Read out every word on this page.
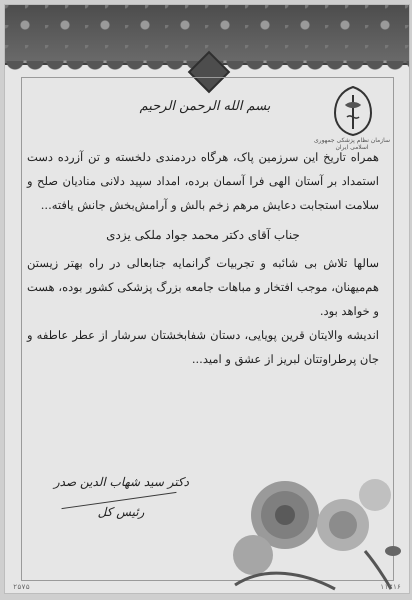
سازمان نظام پزشکی جمهوری اسلامی ایران
بسم الله الرحمن الرحیم

همراه تاریخ این سرزمین پاک، هرگاه دردمندی دلخسته و تن آزرده دست استمداد بر آستان الهی فرا آسمان برده، امداد سپید دلانی منادیان صلح و سلامت استجابت دعایش مرهم زخم بالش و آرامش‌بخش جانش یافته...

جناب آقای دکتر محمد جواد ملکی یزدی

سالها تلاش بی شائبه و تجربیات گرانمایه جنابعالی در راه بهتر زیستن هم‌میهنان، موجب افتخار و مباهات جامعه بزرگ پزشکی کشور بوده، هست و خواهد بود.

اندیشه والایتان قرین پویایی، دستان شفابخشتان سرشار از عطر عاطفه و جان پرطراوتتان لبریز از عشق و امید...

دکتر سید شهاب الدین صدر
رئیس کل
۲۵۷۵	۱۱۳۱۶
